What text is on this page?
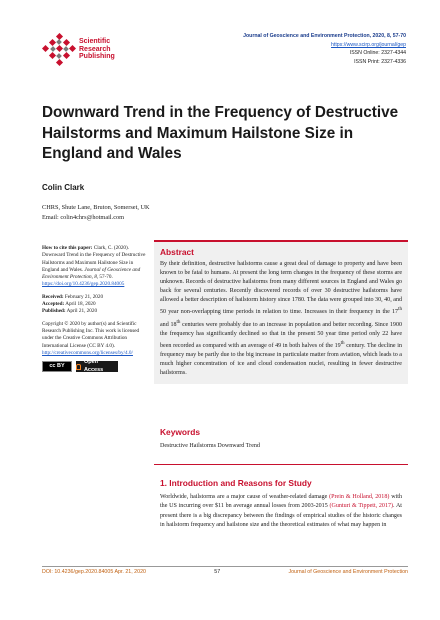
Scientific
Research
Publishing
Journal of Geoscience and Environment Protection, 2020, 8, 57-70
https://www.scirp.org/journal/gep
ISSN Online: 2327-4344
ISSN Print: 2327-4336
Downward Trend in the Frequency of Destructive Hailstorms and Maximum Hailstone Size in England and Wales
Colin Clark
CHRS, Shute Lane, Bruton, Somerset, UK
Email: colin4chrs@hotmail.com
How to cite this paper: Clark, C. (2020). Downward Trend in the Frequency of Destructive Hailstorms and Maximum Hailstone Size in England and Wales. Journal of Geoscience and Environment Protection, 8, 57-70.
https://doi.org/10.4236/gep.2020.84005
Received: February 21, 2020
Accepted: April 18, 2020
Published: April 21, 2020
Copyright © 2020 by author(s) and Scientific Research Publishing Inc. This work is licensed under the Creative Commons Attribution International License (CC BY 4.0).
http://creativecommons.org/licenses/by/4.0/
cc BY
Open Access
Abstract

By their definition, destructive hailstorms cause a great deal of damage to property and have been known to be fatal to humans. At present the long term changes in the frequency of these storms are unknown. Records of destructive hailstorms from many different sources in England and Wales go back for several centuries. Recently discovered records of over 30 destructive hailstorms have allowed a better description of hailstorm history since 1780. The data were grouped into 30, 40, and 50 year non-overlapping time periods in relation to time. Increases in their frequency in the 17th and 18th centuries were probably due to an increase in population and better recording. Since 1900 the frequency has significantly declined so that in the present 50 year time period only 22 have been recorded as compared with an average of 49 in both halves of the 19th century. The decline in frequency may be partly due to the big increase in particulate matter from aviation, which leads to a much higher concentration of ice and cloud condensation nuclei, resulting in fewer destructive hailstorms.

Keywords

Destructive Hailstorms Downward Trend

1. Introduction and Reasons for Study

Worldwide, hailstorms are a major cause of weather-related damage (Prein & Holland, 2018) with the US incurring over $11 bn average annual losses from 2003-2015 (Gunturi & Tippett, 2017). At present there is a big discrepancy between the findings of empirical studies of the historic changes in hailstorm frequency and hailstone size and the theoretical estimates of what may happen in

DOI: 10.4236/gep.2020.84005 Apr. 21, 2020	57	Journal of Geoscience and Environment Protection
